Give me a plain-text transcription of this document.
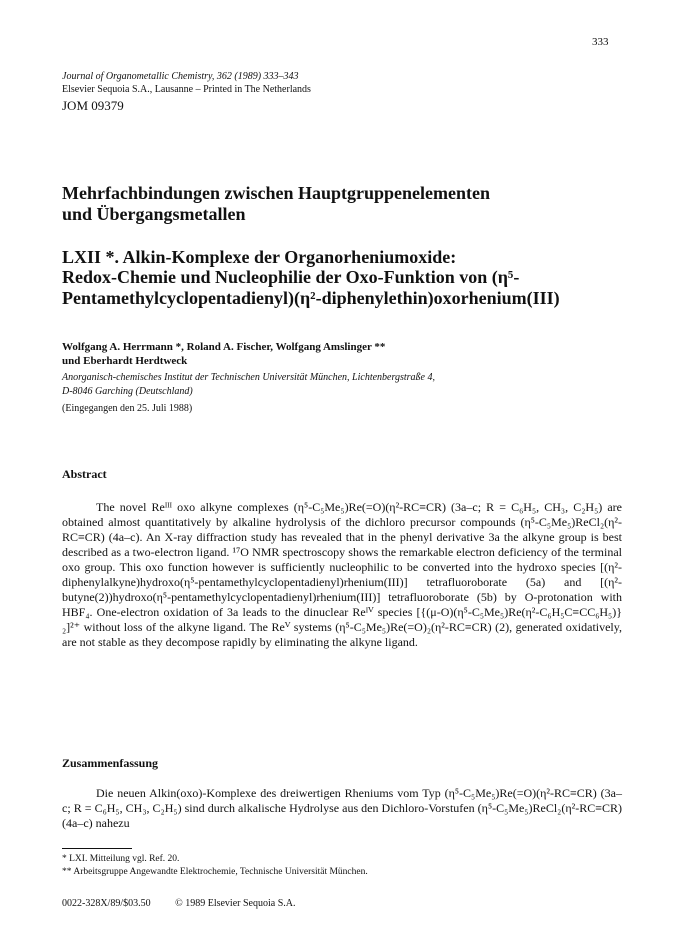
333
Journal of Organometallic Chemistry, 362 (1989) 333–343
Elsevier Sequoia S.A., Lausanne – Printed in The Netherlands
JOM 09379
Mehrfachbindungen zwischen Hauptgruppenelementen
und Übergangsmetallen
LXII *. Alkin-Komplexe der Organorheniumoxide:
Redox-Chemie und Nucleophilie der Oxo-Funktion von (η⁵-
Pentamethylcyclopentadienyl)(η²-diphenylethin)oxorhenium(III)
Wolfgang A. Herrmann *, Roland A. Fischer, Wolfgang Amslinger **
und Eberhardt Herdtweck
Anorganisch-chemisches Institut der Technischen Universität München, Lichtenbergstraße 4,
D-8046 Garching (Deutschland)
(Eingegangen den 25. Juli 1988)
Abstract
The novel Reᴵᴵᴵ oxo alkyne complexes (η⁵-C₅Me₅)Re(=O)(η²-RC≡CR) (3a–c; R = C₆H₅, CH₃, C₂H₅) are obtained almost quantitatively by alkaline hydrolysis of the dichloro precursor compounds (η⁵-C₅Me₅)ReCl₂(η²-RC≡CR) (4a–c). An X-ray diffraction study has revealed that in the phenyl derivative 3a the alkyne group is best described as a two-electron ligand. ¹⁷O NMR spectroscopy shows the remarkable electron deficiency of the terminal oxo group. This oxo function however is sufficiently nucleophilic to be converted into the hydroxo species [(η²-diphenylalkyne)hydroxo(η⁵-pentamethylcyclopentadienyl)rhenium(III)] tetrafluoroborate (5a) and [(η²-butyne(2))hydroxo(η⁵-pentamethylcyclopentadienyl)rhenium(III)] tetrafluoroborate (5b) by O-protonation with HBF₄. One-electron oxidation of 3a leads to the dinuclear Reᴵⱽ species [{(μ-O)(η⁵-C₅Me₅)Re(η²-C₆H₅C≡CC₆H₅)}₂]²⁺ without loss of the alkyne ligand. The Reⱽ systems (η⁵-C₅Me₅)Re(=O)₂(η²-RC≡CR) (2), generated oxidatively, are not stable as they decompose rapidly by eliminating the alkyne ligand.
Zusammenfassung
Die neuen Alkin(oxo)-Komplexe des dreiwertigen Rheniums vom Typ (η⁵-C₅Me₅)Re(=O)(η²-RC≡CR) (3a–c; R = C₆H₅, CH₃, C₂H₅) sind durch alkalische Hydrolyse aus den Dichloro-Vorstufen (η⁵-C₅Me₅)ReCl₂(η²-RC≡CR) (4a–c) nahezu
* LXI. Mitteilung vgl. Ref. 20.
** Arbeitsgruppe Angewandte Elektrochemie, Technische Universität München.
0022-328X/89/$03.50 © 1989 Elsevier Sequoia S.A.
